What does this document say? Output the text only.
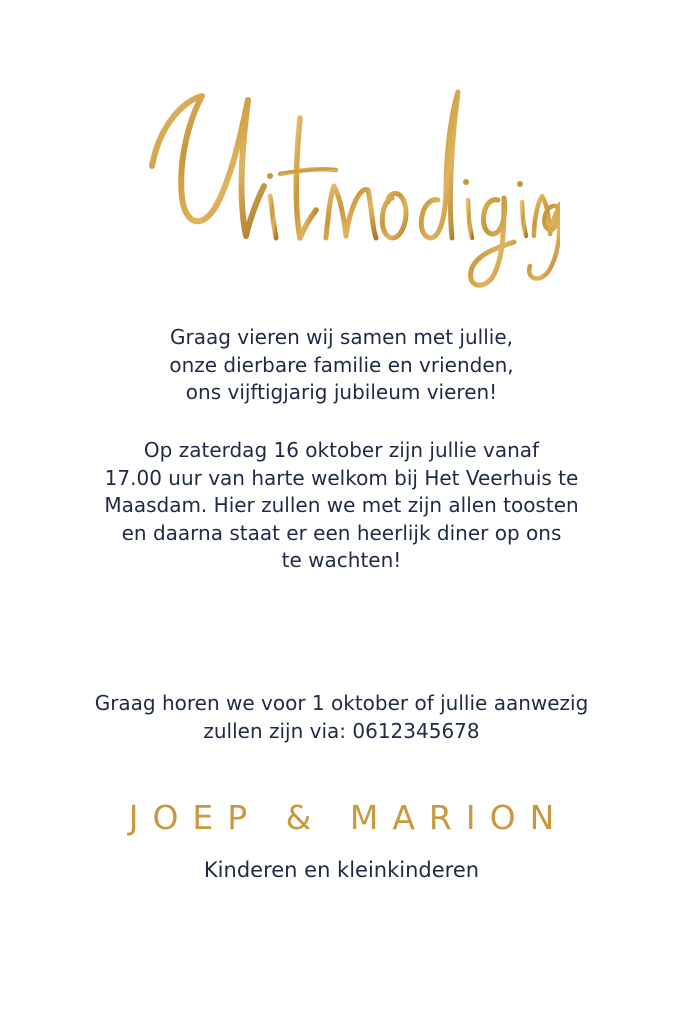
Graag vieren wij samen met jullie,
onze dierbare familie en vrienden,
ons vijftigjarig jubileum vieren!
Op zaterdag 16 oktober zijn jullie vanaf
17.00 uur van harte welkom bij Het Veerhuis te
Maasdam. Hier zullen we met zijn allen toosten
en daarna staat er een heerlijk diner op ons
te wachten!
Graag horen we voor 1 oktober of jullie aanwezig
zullen zijn via: 0612345678
JOEP & MARION
Kinderen en kleinkinderen
